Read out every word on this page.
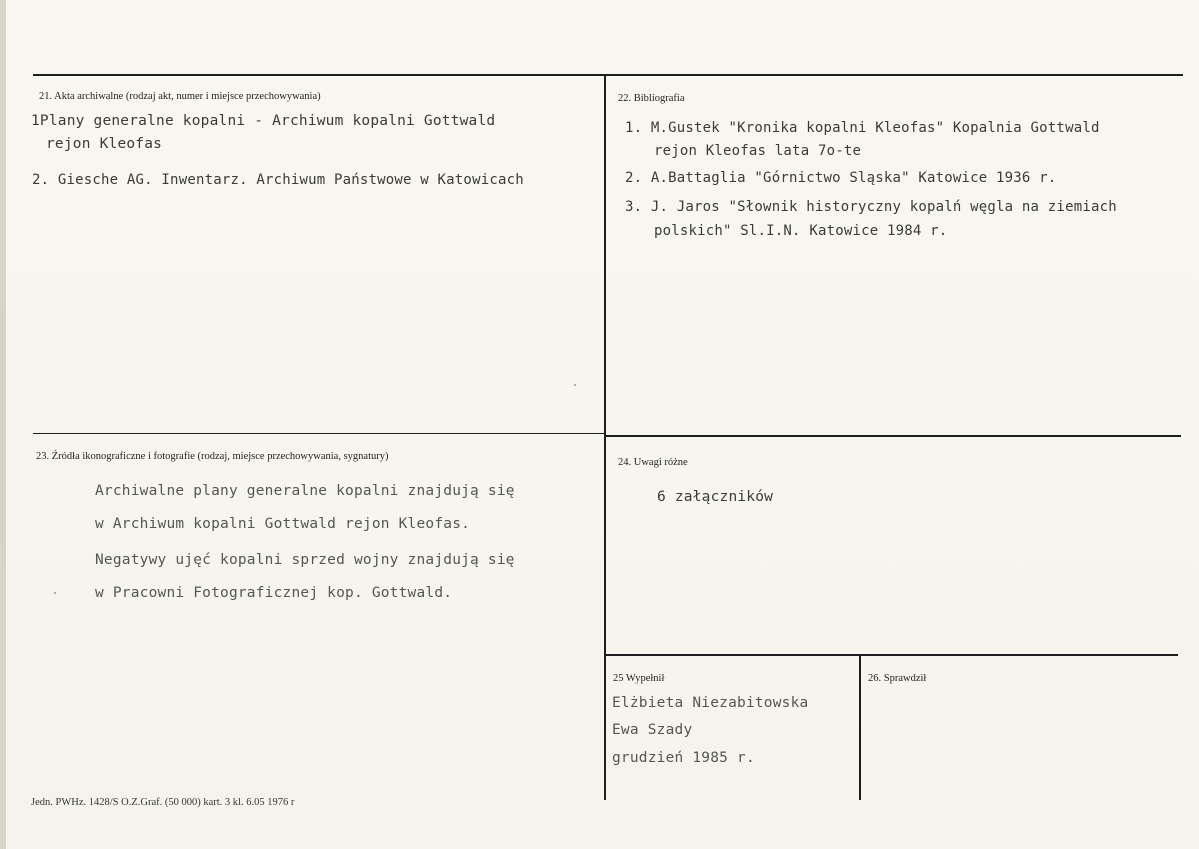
21. Akta archiwalne (rodzaj akt, numer i miejsce przechowywania)
1Plany generalne kopalni - Archiwum kopalni Gottwald
rejon Kleofas
2. Giesche AG. Inwentarz. Archiwum Państwowe w Katowicach
22. Bibliografia
1. M.Gustek "Kronika kopalni Kleofas" Kopalnia Gottwald
rejon Kleofas lata 7o-te
2. A.Battaglia "Górnictwo Sląska" Katowice 1936 r.
3. J. Jaros "Słownik historyczny kopalń węgla na ziemiach
polskich" Sl.I.N. Katowice 1984 r.
23. Źródła ikonograficzne i fotografie (rodzaj, miejsce przechowywania, sygnatury)
Archiwalne plany generalne kopalni znajdują się
w Archiwum kopalni Gottwald rejon Kleofas.
Negatywy ujęć kopalni sprzed wojny znajdują się
w Pracowni Fotograficznej kop. Gottwald.
24. Uwagi różne
6 załączników
25 Wypełnił
Elżbieta Niezabitowska
Ewa Szady
grudzień 1985 r.
26. Sprawdził
Jedn. PWHz. 1428/S O.Z.Graf. (50 000) kart. 3 kl. 6.05 1976 r
